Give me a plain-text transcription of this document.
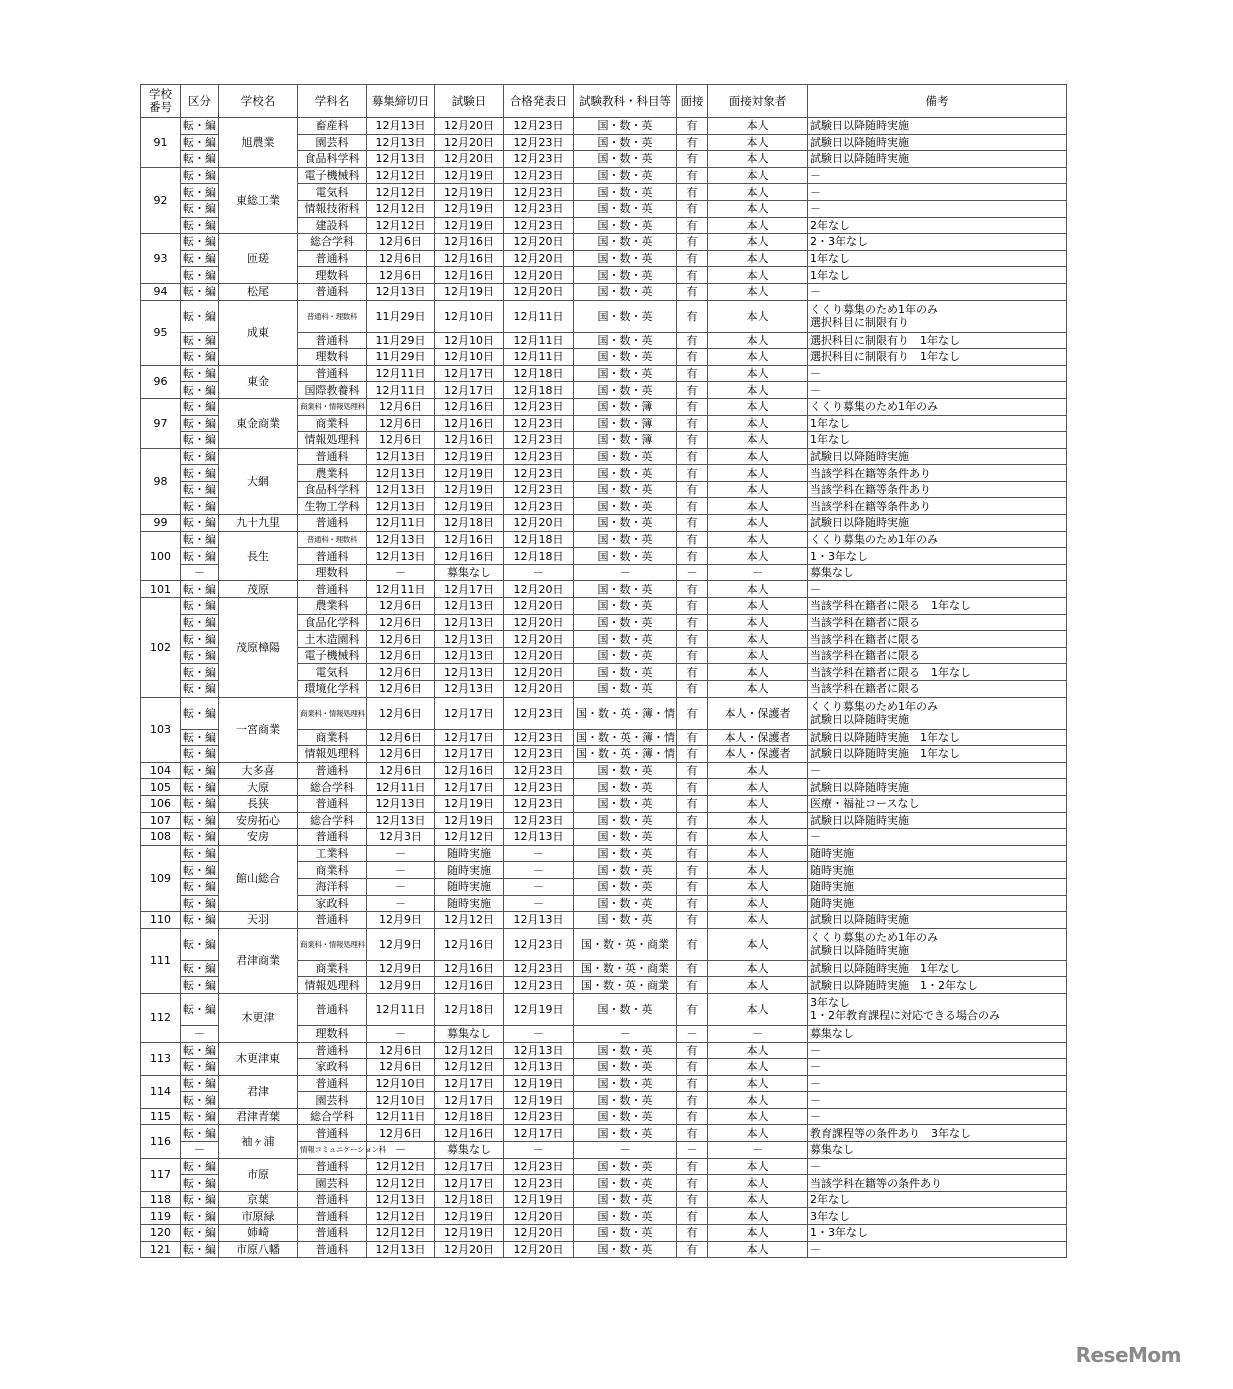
学校
番号	区分	学校名	学科名	募集締切日	試験日	合格発表日	試験教科・科目等	面接	面接対象者	備考
91	転・編	旭農業	畜産科	12月13日	12月20日	12月23日	国・数・英	有	本人	試験日以降随時実施
	転・編		園芸科	12月13日	12月20日	12月23日	国・数・英	有	本人	試験日以降随時実施
	転・編		食品科学科	12月13日	12月20日	12月23日	国・数・英	有	本人	試験日以降随時実施
92	転・編	東総工業	電子機械科	12月12日	12月19日	12月23日	国・数・英	有	本人	－
	転・編		電気科	12月12日	12月19日	12月23日	国・数・英	有	本人	－
	転・編		情報技術科	12月12日	12月19日	12月23日	国・数・英	有	本人	－
	転・編		建設科	12月12日	12月19日	12月23日	国・数・英	有	本人	2年なし
93	転・編	匝瑳	総合学科	12月6日	12月16日	12月20日	国・数・英	有	本人	2・3年なし
	転・編		普通科	12月6日	12月16日	12月20日	国・数・英	有	本人	1年なし
	転・編		理数科	12月6日	12月16日	12月20日	国・数・英	有	本人	1年なし
94	転・編	松尾	普通科	12月13日	12月19日	12月20日	国・数・英	有	本人	－
95	転・編	成東	普通科・理数科	11月29日	12月10日	12月11日	国・数・英	有	本人	くくり募集のため1年のみ
選択科目に制限有り
	転・編		普通科	11月29日	12月10日	12月11日	国・数・英	有	本人	選択科目に制限有り　1年なし
	転・編		理数科	11月29日	12月10日	12月11日	国・数・英	有	本人	選択科目に制限有り　1年なし
96	転・編	東金	普通科	12月11日	12月17日	12月18日	国・数・英	有	本人	－
	転・編		国際教養科	12月11日	12月17日	12月18日	国・数・英	有	本人	－
97	転・編	東金商業	商業科・情報処理科	12月6日	12月16日	12月23日	国・数・簿	有	本人	くくり募集のため1年のみ
	転・編		商業科	12月6日	12月16日	12月23日	国・数・簿	有	本人	1年なし
	転・編		情報処理科	12月6日	12月16日	12月23日	国・数・簿	有	本人	1年なし
98	転・編	大網	普通科	12月13日	12月19日	12月23日	国・数・英	有	本人	試験日以降随時実施
	転・編		農業科	12月13日	12月19日	12月23日	国・数・英	有	本人	当該学科在籍等条件あり
	転・編		食品科学科	12月13日	12月19日	12月23日	国・数・英	有	本人	当該学科在籍等条件あり
	転・編		生物工学科	12月13日	12月19日	12月23日	国・数・英	有	本人	当該学科在籍等条件あり
99	転・編	九十九里	普通科	12月11日	12月18日	12月20日	国・数・英	有	本人	試験日以降随時実施
100	転・編	長生	普通科・理数科	12月13日	12月16日	12月18日	国・数・英	有	本人	くくり募集のため1年のみ
	転・編		普通科	12月13日	12月16日	12月18日	国・数・英	有	本人	1・3年なし
	－		理数科	－	募集なし	－	－	－	－	募集なし
101	転・編	茂原	普通科	12月11日	12月17日	12月20日	国・数・英	有	本人	－
102	転・編	茂原樟陽	農業科	12月6日	12月13日	12月20日	国・数・英	有	本人	当該学科在籍者に限る　1年なし
	転・編		食品化学科	12月6日	12月13日	12月20日	国・数・英	有	本人	当該学科在籍者に限る
	転・編		土木造園科	12月6日	12月13日	12月20日	国・数・英	有	本人	当該学科在籍者に限る
	転・編		電子機械科	12月6日	12月13日	12月20日	国・数・英	有	本人	当該学科在籍者に限る
	転・編		電気科	12月6日	12月13日	12月20日	国・数・英	有	本人	当該学科在籍者に限る　1年なし
	転・編		環境化学科	12月6日	12月13日	12月20日	国・数・英	有	本人	当該学科在籍者に限る
103	転・編	一宮商業	商業科・情報処理科	12月6日	12月17日	12月23日	国・数・英・簿・情	有	本人・保護者	くくり募集のため1年のみ
試験日以降随時実施
	転・編		商業科	12月6日	12月17日	12月23日	国・数・英・簿・情	有	本人・保護者	試験日以降随時実施　1年なし
	転・編		情報処理科	12月6日	12月17日	12月23日	国・数・英・簿・情	有	本人・保護者	試験日以降随時実施　1年なし
104	転・編	大多喜	普通科	12月6日	12月16日	12月23日	国・数・英	有	本人	－
105	転・編	大原	総合学科	12月11日	12月17日	12月23日	国・数・英	有	本人	試験日以降随時実施
106	転・編	長狭	普通科	12月13日	12月19日	12月23日	国・数・英	有	本人	医療・福祉コースなし
107	転・編	安房拓心	総合学科	12月13日	12月19日	12月23日	国・数・英	有	本人	試験日以降随時実施
108	転・編	安房	普通科	12月3日	12月12日	12月13日	国・数・英	有	本人	－
109	転・編	館山総合	工業科	－	随時実施	－	国・数・英	有	本人	随時実施
	転・編		商業科	－	随時実施	－	国・数・英	有	本人	随時実施
	転・編		海洋科	－	随時実施	－	国・数・英	有	本人	随時実施
	転・編		家政科	－	随時実施	－	国・数・英	有	本人	随時実施
110	転・編	天羽	普通科	12月9日	12月12日	12月13日	国・数・英	有	本人	試験日以降随時実施
111	転・編	君津商業	商業科・情報処理科	12月9日	12月16日	12月23日	国・数・英・商業	有	本人	くくり募集のため1年のみ
試験日以降随時実施
	転・編		商業科	12月9日	12月16日	12月23日	国・数・英・商業	有	本人	試験日以降随時実施　1年なし
	転・編		情報処理科	12月9日	12月16日	12月23日	国・数・英・商業	有	本人	試験日以降随時実施　1・2年なし
112	転・編	木更津	普通科	12月11日	12月18日	12月19日	国・数・英	有	本人	3年なし
1・2年教育課程に対応できる場合のみ
	－		理数科	－	募集なし	－	－	－	－	募集なし
113	転・編	木更津東	普通科	12月6日	12月12日	12月13日	国・数・英	有	本人	－
	転・編		家政科	12月6日	12月12日	12月13日	国・数・英	有	本人	－
114	転・編	君津	普通科	12月10日	12月17日	12月19日	国・数・英	有	本人	－
	転・編		園芸科	12月10日	12月17日	12月19日	国・数・英	有	本人	－
115	転・編	君津青葉	総合学科	12月11日	12月18日	12月23日	国・数・英	有	本人	－
116	転・編	袖ヶ浦	普通科	12月6日	12月16日	12月17日	国・数・英	有	本人	教育課程等の条件あり　3年なし
	－		情報コミュニケーション科	－	募集なし	－	－	－	－	募集なし
117	転・編	市原	普通科	12月12日	12月17日	12月23日	国・数・英	有	本人	－
	転・編		園芸科	12月12日	12月17日	12月23日	国・数・英	有	本人	当該学科在籍等の条件あり
118	転・編	京葉	普通科	12月13日	12月18日	12月19日	国・数・英	有	本人	2年なし
119	転・編	市原緑	普通科	12月12日	12月19日	12月20日	国・数・英	有	本人	3年なし
120	転・編	姉崎	普通科	12月12日	12月19日	12月20日	国・数・英	有	本人	1・3年なし
121	転・編	市原八幡	普通科	12月13日	12月20日	12月20日	国・数・英	有	本人	－
ReseMom
